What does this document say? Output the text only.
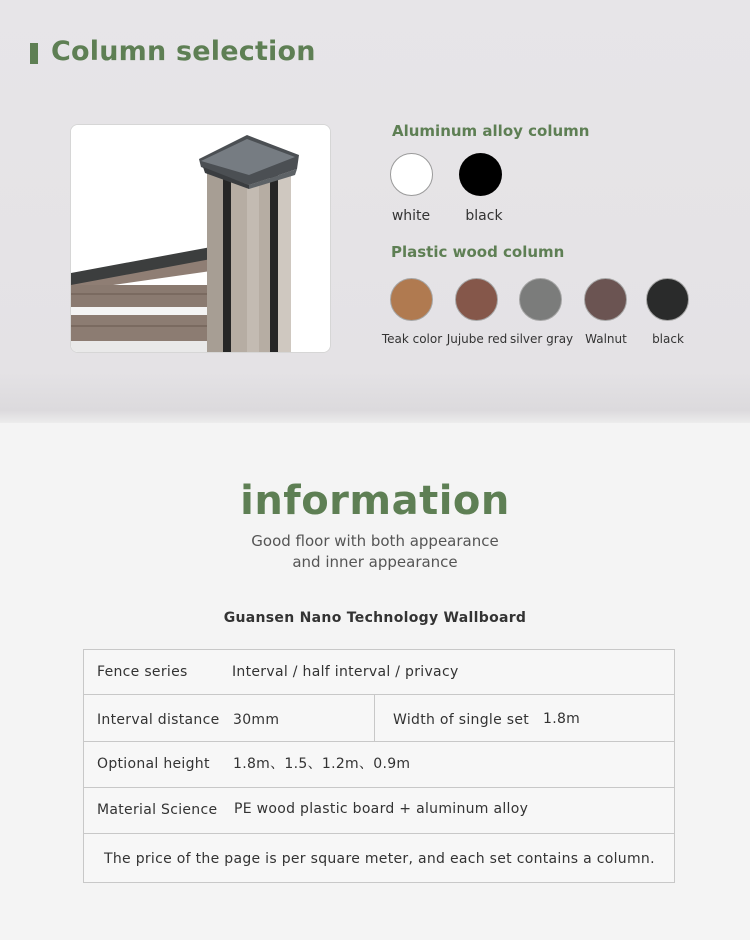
Column selection
Aluminum alloy column
white	black
Plastic wood column
Teak color Jujube red silver gray Walnut	black
information
Good floor with both appearance
and inner appearance
Guansen Nano Technology Wallboard
Fence series	Interval / half interval / privacy
Interval distance 30mm	Width of single set 1.8m
Optional height 1.8m、1.5、1.2m、0.9m
Material Science PE wood plastic board + aluminum alloy
The price of the page is per square meter, and each set contains a column.
